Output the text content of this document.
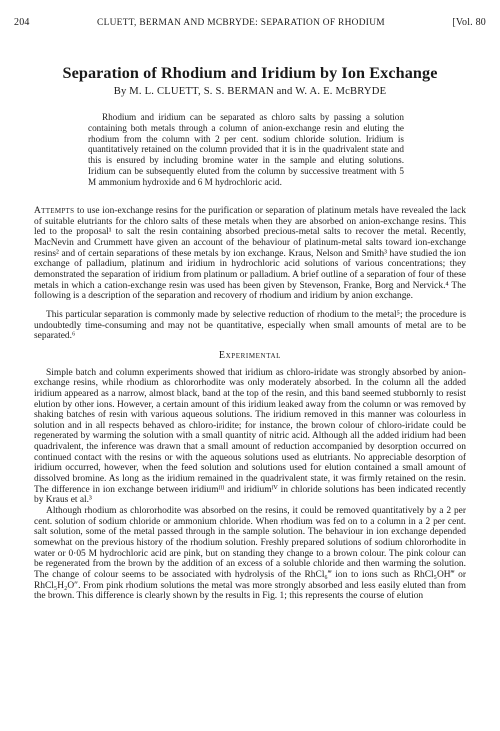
204	CLUETT, BERMAN AND MCBRYDE: SEPARATION OF RHODIUM	[Vol. 80
Separation of Rhodium and Iridium by Ion Exchange
By M. L. CLUETT, S. S. BERMAN and W. A. E. McBRYDE

Rhodium and iridium can be separated as chloro salts by passing a solution containing both metals through a column of anion-exchange resin and eluting the rhodium from the column with 2 per cent. sodium chloride solution. Iridium is quantitatively retained on the column provided that it is in the quadrivalent state and this is ensured by including bromine water in the sample and eluting solutions. Iridium can be subsequently eluted from the column by successive treatment with 5 M ammonium hydroxide and 6 M hydrochloric acid.

Attempts to use ion-exchange resins for the purification or separation of platinum metals have revealed the lack of suitable elutriants for the chloro salts of these metals when they are absorbed on anion-exchange resins. This led to the proposal¹ to salt the resin containing absorbed precious-metal salts to recover the metal. Recently, MacNevin and Crummett have given an account of the behaviour of platinum-metal salts toward ion-exchange resins² and of certain separations of these metals by ion exchange. Kraus, Nelson and Smith³ have studied the ion exchange of palladium, platinum and iridium in hydrochloric acid solutions of various concentrations; they demonstrated the separation of iridium from platinum or palladium. A brief outline of a separation of four of these metals in which a cation-exchange resin was used has been given by Stevenson, Franke, Borg and Nervick.⁴ The following is a description of the separation and recovery of rhodium and iridium by anion exchange.

This particular separation is commonly made by selective reduction of rhodium to the metal⁵; the procedure is undoubtedly time-consuming and may not be quantitative, especially when small amounts of metal are to be separated.⁶

Experimental

Simple batch and column experiments showed that iridium as chloro-iridate was strongly absorbed by anion-exchange resins, while rhodium as chlororhodite was only moderately absorbed. In the column all the added iridium appeared as a narrow, almost black, band at the top of the resin, and this band seemed stubbornly to resist elution by other ions. However, a certain amount of this iridium leaked away from the column or was removed by shaking batches of resin with various aqueous solutions. The iridium removed in this manner was colourless in solution and in all respects behaved as chloro-iridite; for instance, the brown colour of chloro-iridate could be regenerated by warming the solution with a small quantity of nitric acid. Although all the added iridium had been quadrivalent, the inference was drawn that a small amount of reduction accompanied by desorption occurred on continued contact with the resins or with the aqueous solutions used as elutriants. No appreciable desorption of iridium occurred, however, when the feed solution and solutions used for elution contained a small amount of dissolved bromine. As long as the iridium remained in the quadrivalent state, it was firmly retained on the resin. The difference in ion exchange between iridiumᴵᴵᴵ and iridiumᴵⱽ in chloride solutions has been indicated recently by Kraus et al.³

Although rhodium as chlororhodite was absorbed on the resins, it could be removed quantitatively by a 2 per cent. solution of sodium chloride or ammonium chloride. When rhodium was fed on to a column in a 2 per cent. salt solution, some of the metal passed through in the sample solution. The behaviour in ion exchange depended somewhat on the previous history of the rhodium solution. Freshly prepared solutions of sodium chlororhodite in water or 0·05 M hydrochloric acid are pink, but on standing they change to a brown colour. The pink colour can be regenerated from the brown by the addition of an excess of a soluble chloride and then warming the solution. The change of colour seems to be associated with hydrolysis of the RhCl₆‴ ion to ions such as RhCl₅OH‴ or RhCl₅H₂O″. From pink rhodium solutions the metal was more strongly absorbed and less easily eluted than from the brown. This difference is clearly shown by the results in Fig. 1; this represents the course of elution
